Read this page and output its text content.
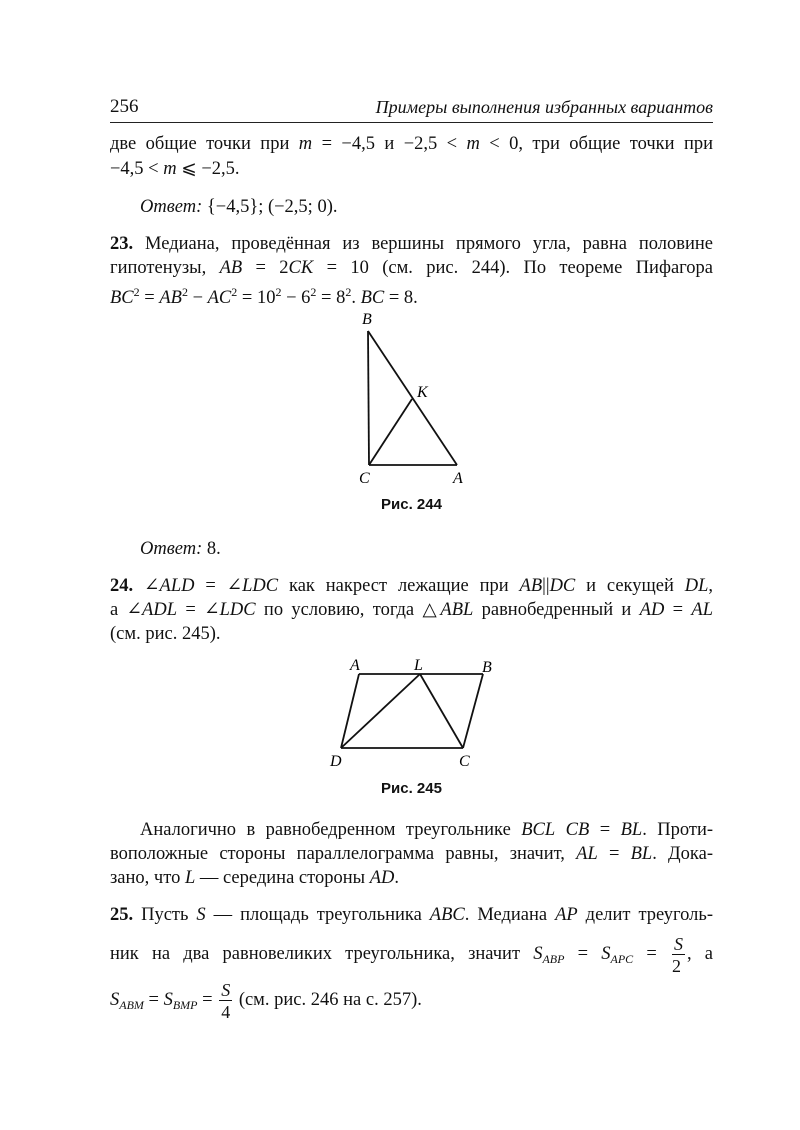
256	Примеры выполнения избранных вариантов
две общие точки при m = −4,5 и −2,5 < m < 0, три общие точки при
−4,5 < m ⩽ −2,5.
Ответ: {−4,5}; (−2,5; 0).
23. Медиана, проведённая из вершины прямого угла, равна половине
гипотенузы, AB = 2CK = 10 (см. рис. 244). По теореме Пифагора
$BC^2 = AB^2 - AC^2 = 10^2 - 6^2 = 8^2$. BC = 8.
B
K
C	A
Рис. 244
Ответ: 8.
24. ∠ALD = ∠LDC как накрест лежащие при AB||DC и секущей DL,
а ∠ADL = ∠LDC по условию, тогда △ABL равнобедренный и AD = AL
(см. рис. 245).
A	L	B
D	C
Рис. 245
Аналогично в равнобедренном треугольнике BCL CB = BL. Проти-
воположные стороны параллелограмма равны, значит, AL = BL. Дока-
зано, что L — середина стороны AD.
25. Пусть S — площадь треугольника ABC. Медиана AP делит треуголь-
ник на два равновеликих треугольника, значит $S_{ABP} = S_{APC} = \frac{S}{2}$ , а
$S_{ABM} = S_{BMP} = \frac{S}{4} (см$. рис. 246 на с. 257).
